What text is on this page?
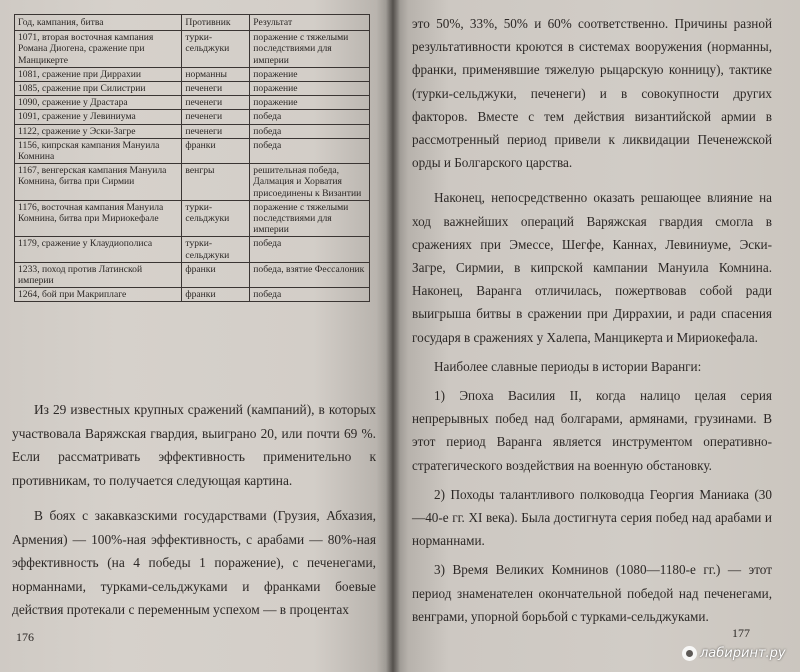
Год, кампания, битва	Противник	Результат
1071, вторая восточная кампания Романа Диогена, сражение при Манцикерте	турки-сельджуки	поражение с тяжелыми последствиями для империи
1081, сражение при Диррахии	норманны	поражение
1085, сражение при Силистрии	печенеги	поражение
1090, сражение у Драстара	печенеги	поражение
1091, сражение у Левиниума	печенеги	победа
1122, сражение у Эски-Загре	печенеги	победа
1156, кипрская кампания Мануила Комнина	франки	победа
1167, венгерская кампания Мануила Комнина, битва при Сирмии	венгры	решительная победа, Далмация и Хорватия присоединены к Византии
1176, восточная кампания Мануила Комнина, битва при Мириокефале	турки-сельджуки	поражение с тяжелыми последствиями для империи
1179, сражение у Клаудиополиса	турки-сельджуки	победа
1233, поход против Латинской империи	франки	победа, взятие Фессалоник
1264, бой при Макриплаге	франки	победа

Из 29 известных крупных сражений (кампаний), в которых участвовала Варяжская гвардия, выиграно 20, или почти 69 %. Если рассматривать эффективность применительно к противникам, то получается следующая картина.

В боях с закавказскими государствами (Грузия, Абхазия, Армения) — 100%-ная эффективность, с арабами — 80%-ная эффективность (на 4 победы 1 поражение), с печенегами, норманнами, турками-сельджуками и франками боевые действия протекали с переменным успехом — в процентах

176

это 50%, 33%, 50% и 60% соответственно. Причины разной результативности кроются в системах вооружения (норманны, франки, применявшие тяжелую рыцарскую конницу), тактике (турки-сельджуки, печенеги) и в совокупности других факторов. Вместе с тем действия византийской армии в рассмотренный период привели к ликвидации Печенежской орды и Болгарского царства.

Наконец, непосредственно оказать решающее влияние на ход важнейших операций Варяжская гвардия смогла в сражениях при Эмессе, Шегфе, Каннах, Левиниуме, Эски-Загре, Сирмии, в кипрской кампании Мануила Комнина. Наконец, Варанга отличилась, пожертвовав собой ради выигрыша битвы в сражении при Диррахии, и ради спасения государя в сражениях у Халепа, Манцикерта и Мириокефала.

Наиболее славные периоды в истории Варанги:

1) Эпоха Василия II, когда налицо целая серия непрерывных побед над болгарами, армянами, грузинами. В этот период Варанга является инструментом оперативно-стратегического воздействия на военную обстановку.

2) Походы талантливого полководца Георгия Маниака (30—40-е гг. XI века). Была достигнута серия побед над арабами и норманнами.

3) Время Великих Комнинов (1080—1180-е гг.) — этот период знаменателен окончательной победой над печенегами, венграми, упорной борьбой с турками-сельджуками.

177
лабиринт.ру
